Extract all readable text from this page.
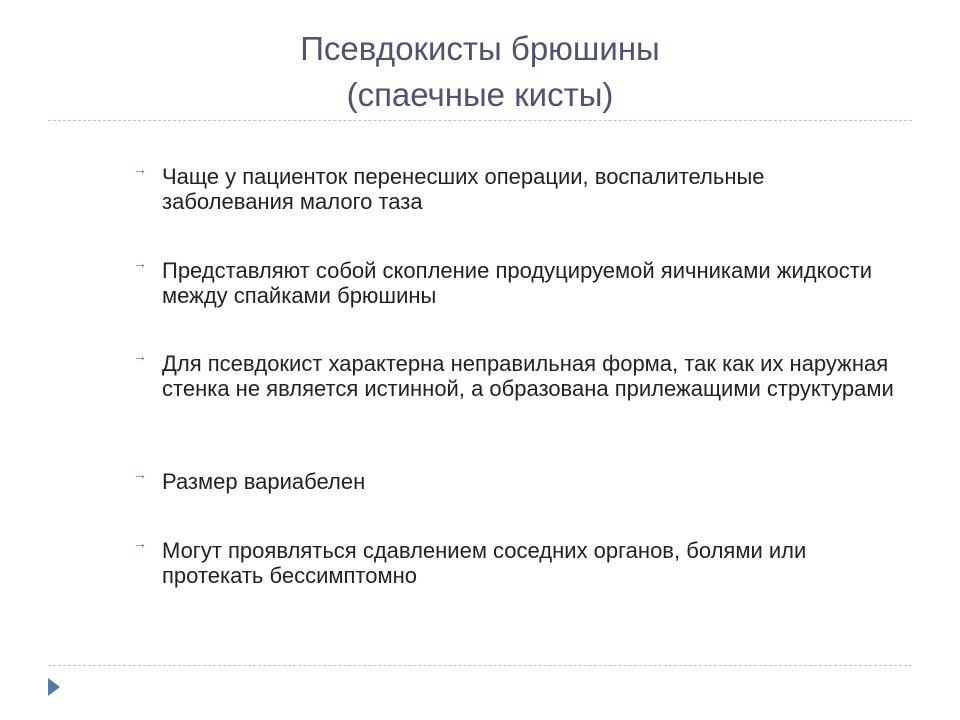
Псевдокисты брюшины
(спаечные кисты)
→ Чаще у пациенток перенесших операции, воспалительные заболевания малого таза
→ Представляют собой скопление продуцируемой яичниками жидкости между спайками брюшины
→ Для псевдокист характерна неправильная форма, так как их наружная стенка не является истинной, а образована прилежащими структурами
→ Размер вариабелен
→ Могут проявляться сдавлением соседних органов, болями или протекать бессимптомно
